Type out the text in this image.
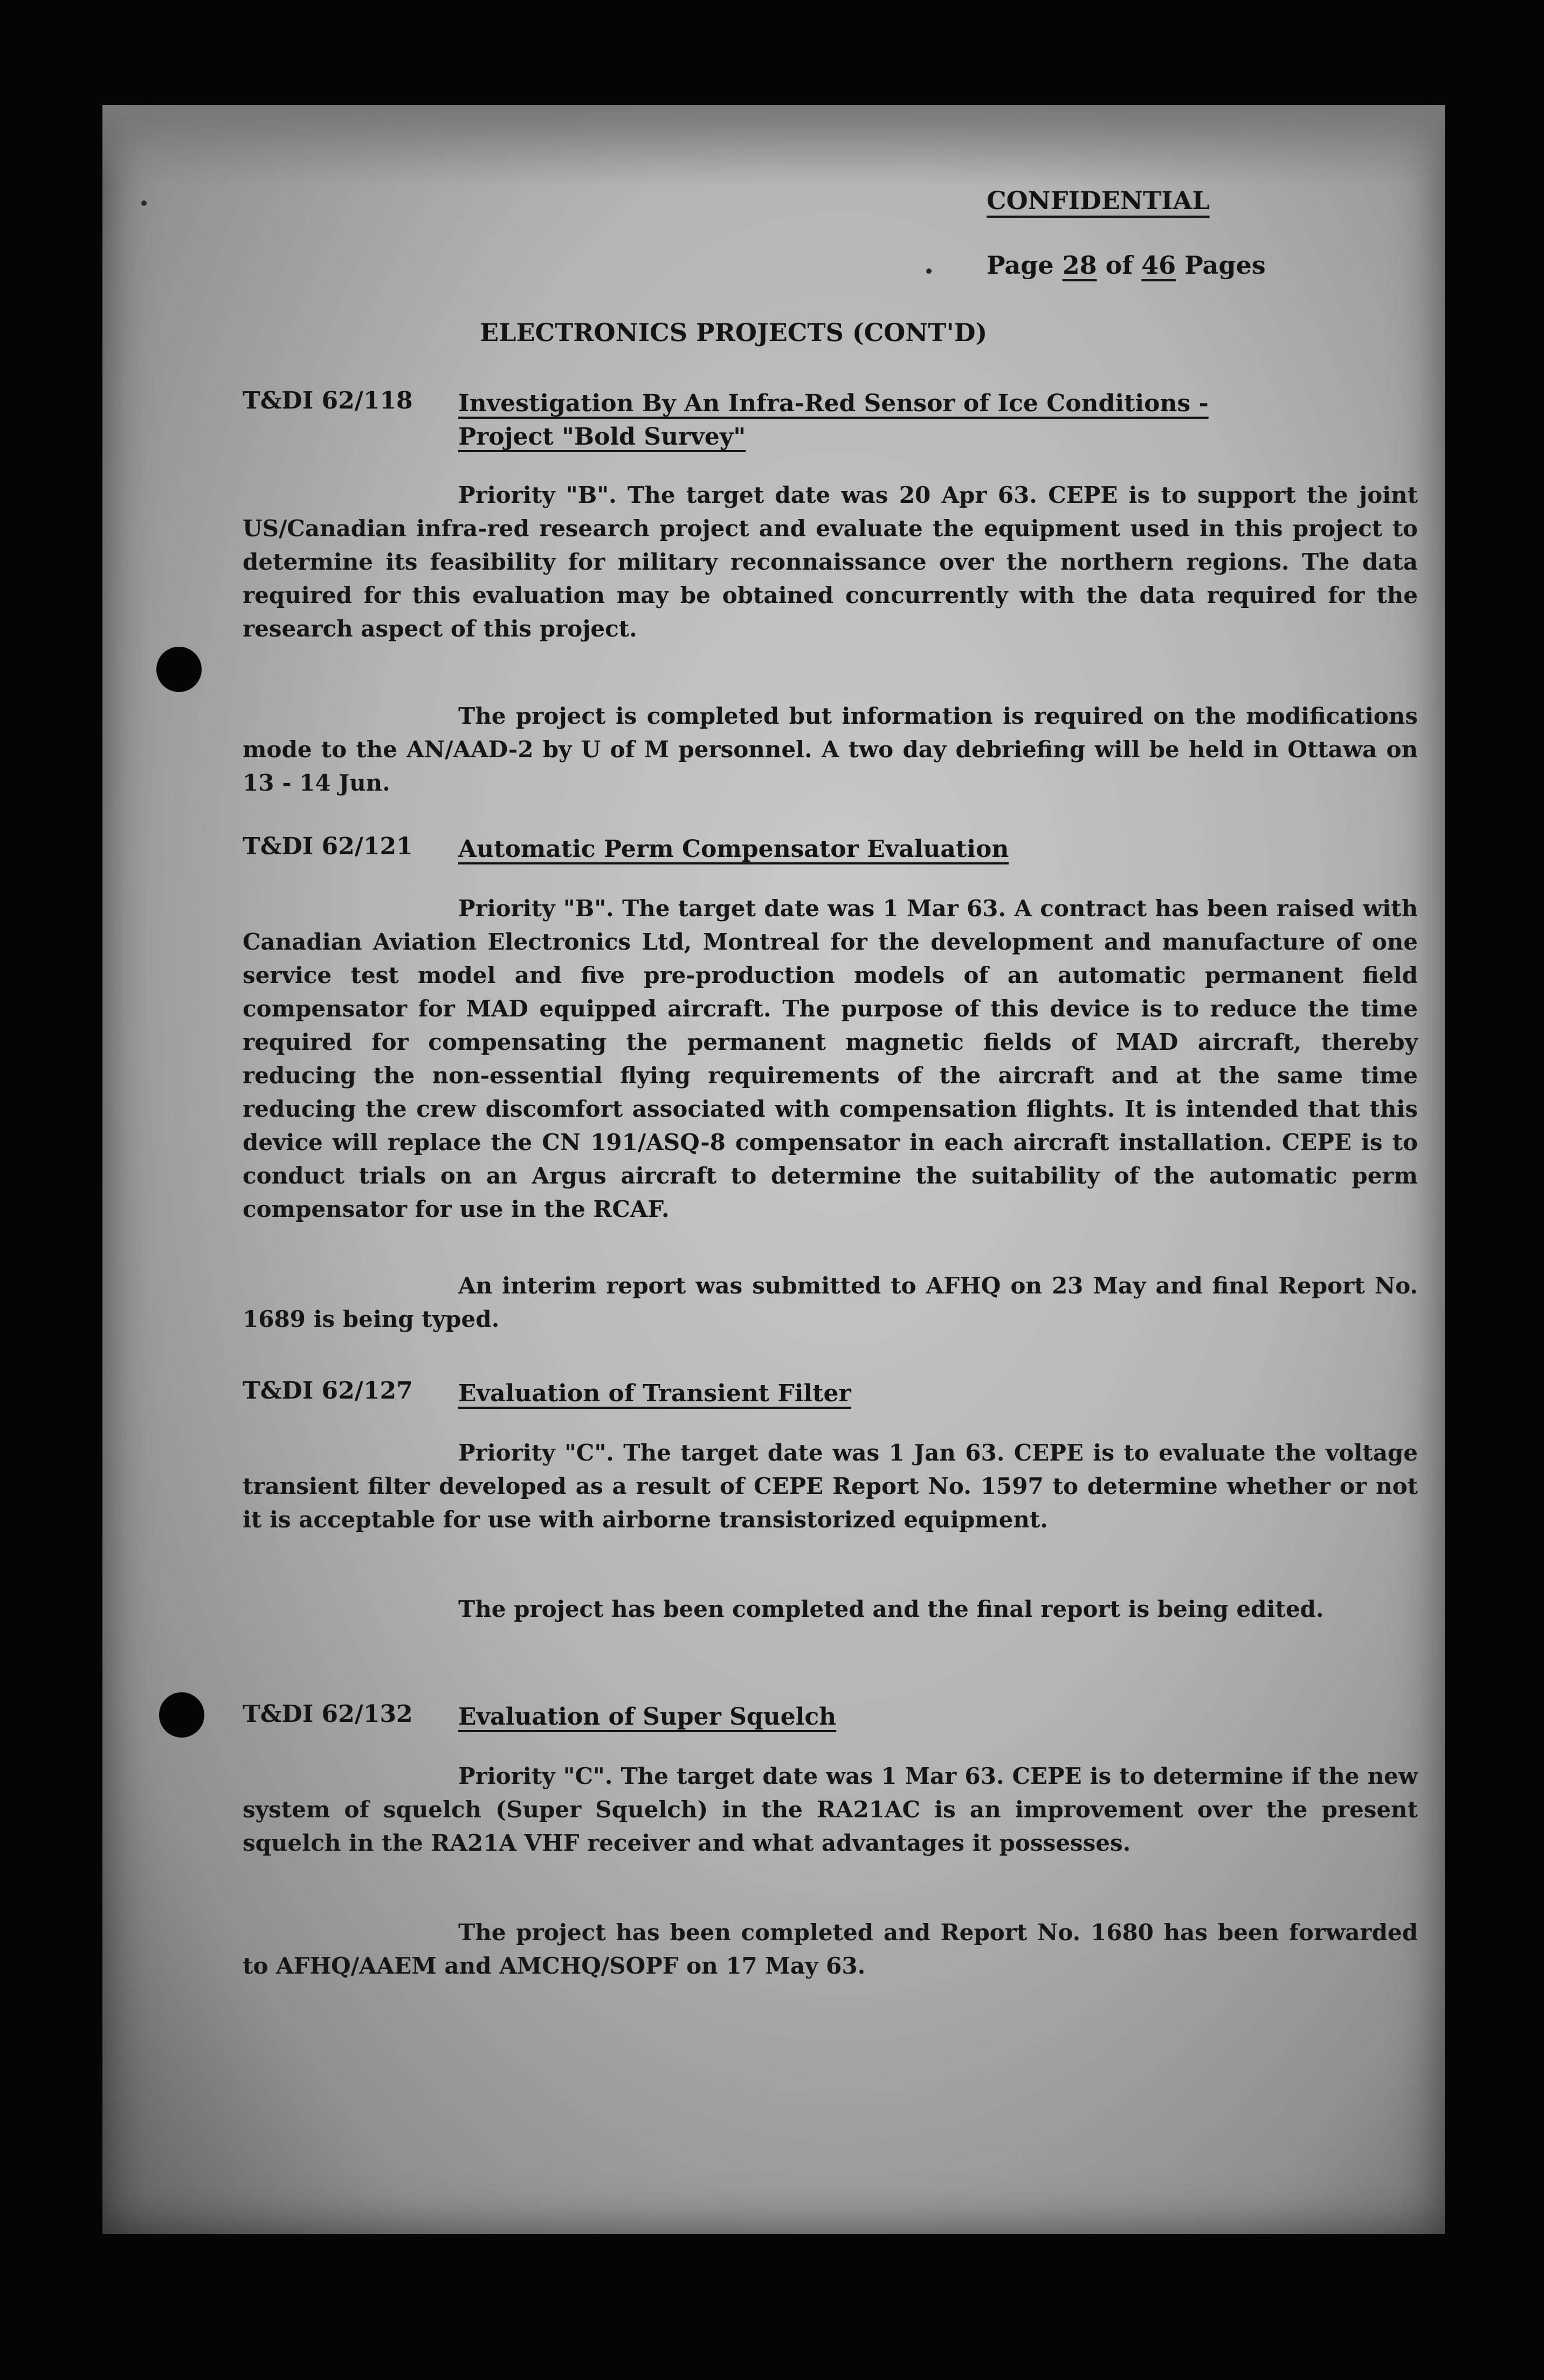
CONFIDENTIAL
Page 28 of 46 Pages
ELECTRONICS PROJECTS (CONT'D)
T&DI 62/118 Investigation By An Infra-Red Sensor of Ice Conditions -
Project "Bold Survey"
Priority "B". The target date was 20 Apr 63. CEPE is to support the joint US/Canadian infra-red research project and evaluate the equipment used in this project to determine its feasibility for military reconnaissance over the northern regions. The data required for this evaluation may be obtained concurrently with the data required for the research aspect of this project.
The project is completed but information is required on the modifications mode to the AN/AAD-2 by U of M personnel. A two day debriefing will be held in Ottawa on 13 - 14 Jun.
T&DI 62/121 Automatic Perm Compensator Evaluation
Priority "B". The target date was 1 Mar 63. A contract has been raised with Canadian Aviation Electronics Ltd, Montreal for the development and manufacture of one service test model and five pre-production models of an automatic permanent field compensator for MAD equipped aircraft. The purpose of this device is to reduce the time required for compensating the permanent magnetic fields of MAD aircraft, thereby reducing the non-essential flying requirements of the aircraft and at the same time reducing the crew discomfort associated with compensation flights. It is intended that this device will replace the CN 191/ASQ-8 compensator in each aircraft installation. CEPE is to conduct trials on an Argus aircraft to determine the suitability of the automatic perm compensator for use in the RCAF.
An interim report was submitted to AFHQ on 23 May and final Report No. 1689 is being typed.
T&DI 62/127 Evaluation of Transient Filter
Priority "C". The target date was 1 Jan 63. CEPE is to evaluate the voltage transient filter developed as a result of CEPE Report No. 1597 to determine whether or not it is acceptable for use with airborne transistorized equipment.
The project has been completed and the final report is being edited.
T&DI 62/132 Evaluation of Super Squelch
Priority "C". The target date was 1 Mar 63. CEPE is to determine if the new system of squelch (Super Squelch) in the RA21AC is an improvement over the present squelch in the RA21A VHF receiver and what advantages it possesses.
The project has been completed and Report No. 1680 has been forwarded to AFHQ/AAEM and AMCHQ/SOPF on 17 May 63.
